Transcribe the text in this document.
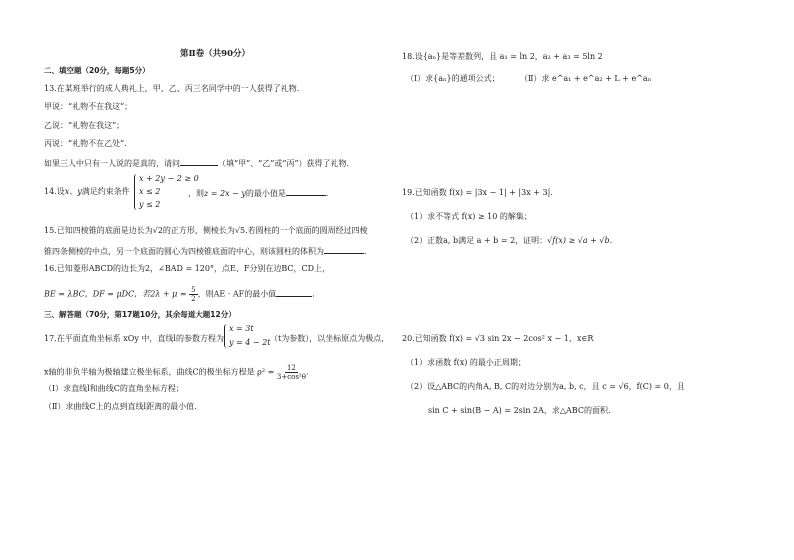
第Ⅱ卷（共90分）
二、填空题（20分，每题5分）
13.在某班举行的成人典礼上，甲、乙、丙三名同学中的一人获得了礼物.
甲说：“礼物不在我这”；
乙说：“礼物在我这”；
丙说：“礼物不在乙处”．
如果三人中只有一人说的是真的，请问	（填“甲”、“乙”或“丙”）获得了礼物.
14.设x、y满足约束条件
x + 2y − 2 ≥ 0
x ≤ 2
y ≤ 2
，则z = 2x − y的最小值是	.
15.已知四棱锥的底面是边长为√2的正方形，侧棱长为√5.若圆柱的一个底面的圆周经过四棱
锥四条侧棱的中点，另一个底面的圆心为四棱锥底面的中心，则该圆柱的体积为	.
16.已知菱形ABCD的边长为2，∠BAD = 120°，点E、F分别在边BC，CD上，
BE = λBC，DF = μDC，若$2\lambda + \mu = \frac{5}{2}$ ，则AE · AF的最小值	.
三、解答题（70分，第17题10分，其余每道大题12分）
17.在平面直角坐标系 xOy 中，直线l的参数方程为
x = 3t
y = 4 − 2t （t为参数），以坐标原点为极点，
x轴的非负半轴为极轴建立极坐标系，曲线C的极坐标方程是 $\rho^2 = \frac{12}{\text{3+cos²θ}}$ .
（Ⅰ）求直线l和曲线C的直角坐标方程；
（Ⅱ）求曲线C上的点到直线l距离的最小值.
18.设{aₙ}是等差数列，且 a₁ = ln 2，a₂ + a₃ = 5ln 2
（Ⅰ）求{aₙ}的通项公式；	（Ⅱ）求 e^a₁ + e^a₂ + L + e^aₙ
19.已知函数 f(x) = |3x − 1| + |3x + 3|.
（1）求不等式 f(x) ≥ 10 的解集；
（2）正数a, b满足 a + b = 2，证明：√f(x) ≥ √a + √b.
20.已知函数 f(x) = √3 sin 2x − 2cos² x − 1，x∈R
（1）求函数 f(x) 的最小正周期；
（2）设△ABC的内角A, B, C的对边分别为a, b, c，且 c = √6，f(C) = 0，且
sin C + sin(B − A) = 2sin 2A，求△ABC的面积.
